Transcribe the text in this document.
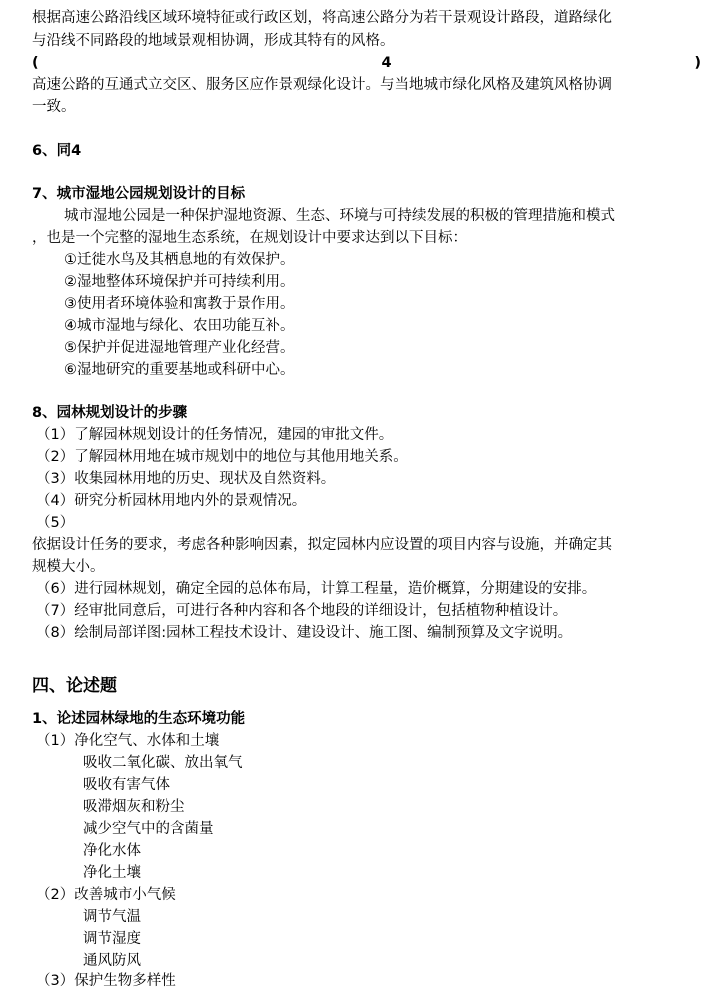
根据高速公路沿线区域环境特征或行政区划，将高速公路分为若干景观设计路段，道路绿化
与沿线不同路段的地域景观相协调，形成其特有的风格。
(	4	)
高速公路的互通式立交区、服务区应作景观绿化设计。与当地城市绿化风格及建筑风格协调
一致。
6、同4
7、城市湿地公园规划设计的目标
城市湿地公园是一种保护湿地资源、生态、环境与可持续发展的积极的管理措施和模式
，也是一个完整的湿地生态系统，在规划设计中要求达到以下目标：
①迁徙水鸟及其栖息地的有效保护。
②湿地整体环境保护并可持续利用。
③使用者环境体验和寓教于景作用。
④城市湿地与绿化、农田功能互补。
⑤保护并促进湿地管理产业化经营。
⑥湿地研究的重要基地或科研中心。
8、园林规划设计的步骤
（1）了解园林规划设计的任务情况，建园的审批文件。
（2）了解园林用地在城市规划中的地位与其他用地关系。
（3）收集园林用地的历史、现状及自然资料。
（4）研究分析园林用地内外的景观情况。
（5）
依据设计任务的要求，考虑各种影响因素，拟定园林内应设置的项目内容与设施，并确定其
规模大小。
（6）进行园林规划，确定全园的总体布局，计算工程量，造价概算，分期建设的安排。
（7）经审批同意后，可进行各种内容和各个地段的详细设计，包括植物种植设计。
（8）绘制局部详图:园林工程技术设计、建设设计、施工图、编制预算及文字说明。
四、论述题
1、论述园林绿地的生态环境功能
（1）净化空气、水体和土壤
吸收二氧化碳、放出氧气
吸收有害气体
吸滞烟灰和粉尘
减少空气中的含菌量
净化水体
净化土壤
（2）改善城市小气候
调节气温
调节湿度
通风防风
（3）保护生物多样性
